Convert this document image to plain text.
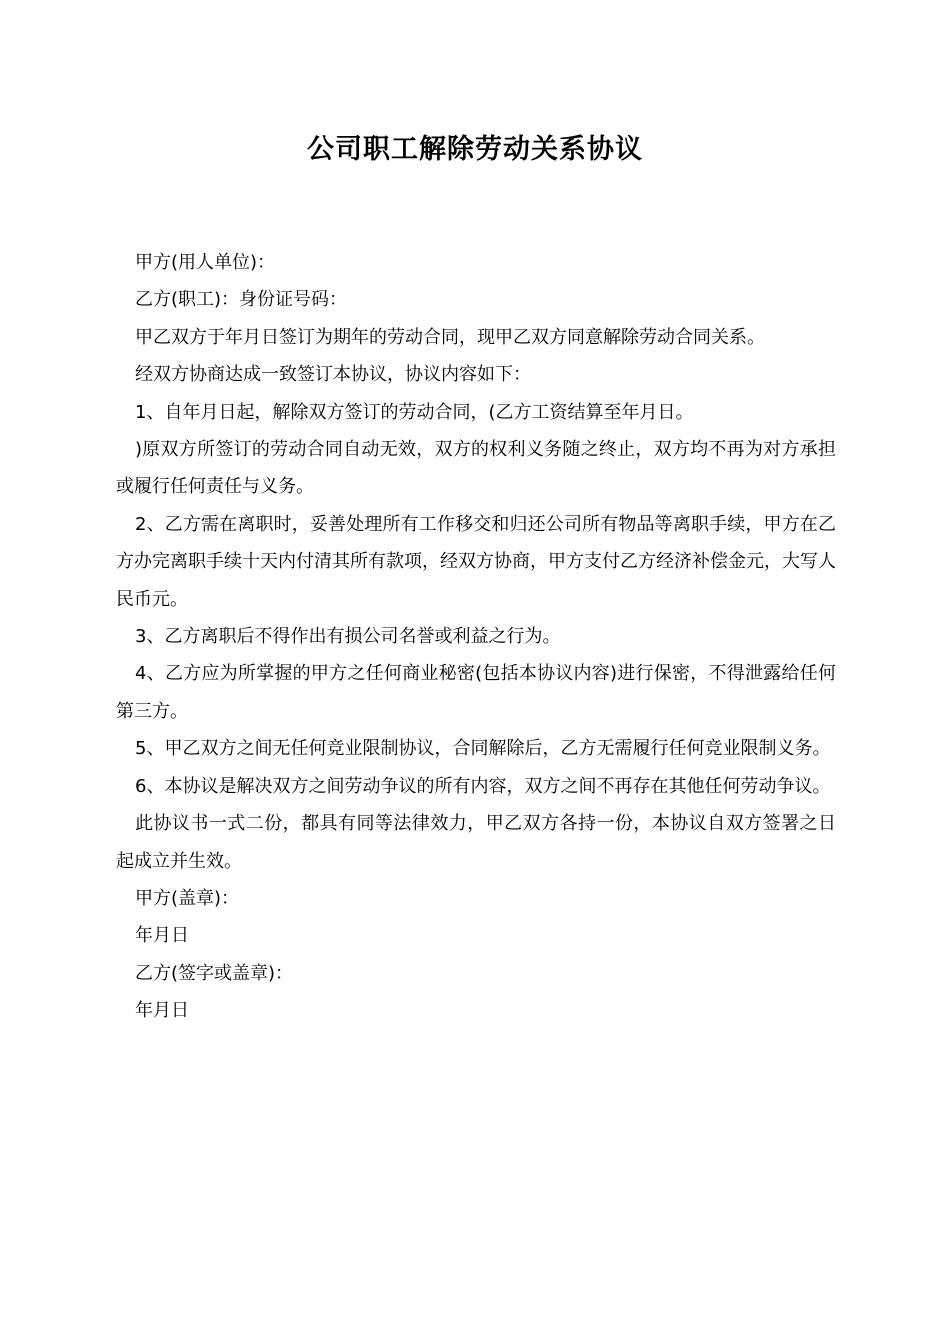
公司职工解除劳动关系协议

甲方(用人单位)：

乙方(职工)：身份证号码：

甲乙双方于年月日签订为期年的劳动合同，现甲乙双方同意解除劳动合同关系。

经双方协商达成一致签订本协议，协议内容如下：

1、自年月日起，解除双方签订的劳动合同，(乙方工资结算至年月日。

)原双方所签订的劳动合同自动无效，双方的权利义务随之终止，双方均不再为对方承担或履行任何责任与义务。

2、乙方需在离职时，妥善处理所有工作移交和归还公司所有物品等离职手续，甲方在乙方办完离职手续十天内付清其所有款项，经双方协商，甲方支付乙方经济补偿金元，大写人民币元。

3、乙方离职后不得作出有损公司名誉或利益之行为。

4、乙方应为所掌握的甲方之任何商业秘密(包括本协议内容)进行保密，不得泄露给任何第三方。

5、甲乙双方之间无任何竞业限制协议，合同解除后，乙方无需履行任何竞业限制义务。

6、本协议是解决双方之间劳动争议的所有内容，双方之间不再存在其他任何劳动争议。

此协议书一式二份，都具有同等法律效力，甲乙双方各持一份，本协议自双方签署之日起成立并生效。

甲方(盖章)：

年月日

乙方(签字或盖章)：

年月日
